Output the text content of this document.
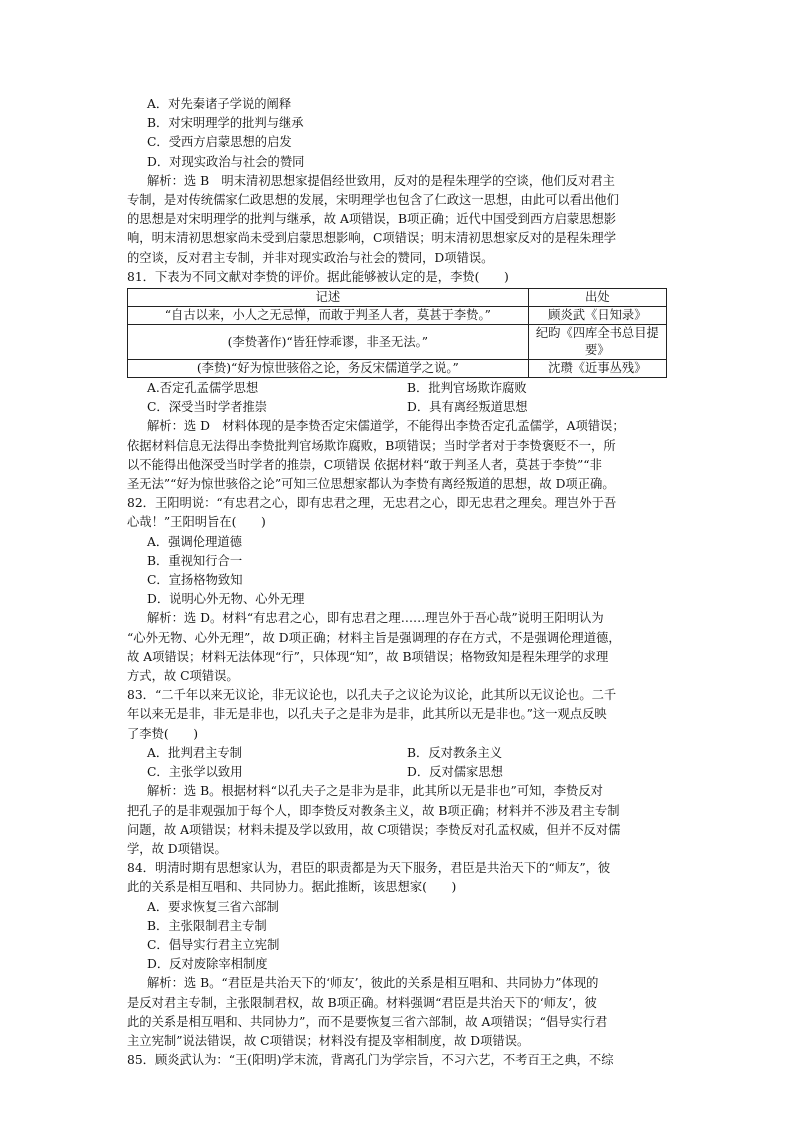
A．对先秦诸子学说的阐释
B．对宋明理学的批判与继承
C．受西方启蒙思想的启发
D．对现实政治与社会的赞同
解析：选 B　明末清初思想家提倡经世致用，反对的是程朱理学的空谈，他们反对君主
专制，是对传统儒家仁政思想的发展，宋明理学也包含了仁政这一思想，由此可以看出他们
的思想是对宋明理学的批判与继承，故 A项错误，B项正确；近代中国受到西方启蒙思想影
响，明末清初思想家尚未受到启蒙思想影响，C项错误；明末清初思想家反对的是程朱理学
的空谈，反对君主专制，并非对现实政治与社会的赞同，D项错误。
81．下表为不同文献对李贽的评价。据此能够被认定的是，李贽(　　)
记述	出处
“自古以来，小人之无忌惮，而敢于判圣人者，莫甚于李贽。”	顾炎武《日知录》
(李贽著作)“皆狂悖乖谬，非圣无法。”	纪昀《四库全书总目提要》
(李贽)“好为惊世骇俗之论，务反宋儒道学之说。”	沈瓒《近事丛残》
A.否定孔孟儒学思想	B．批判官场欺诈腐败
C．深受当时学者推崇	D．具有离经叛道思想
解析：选 D　材料体现的是李贽否定宋儒道学，不能得出李贽否定孔孟儒学，A项错误；
依据材料信息无法得出李贽批判官场欺诈腐败，B项错误；当时学者对于李贽褒贬不一，所
以不能得出他深受当时学者的推崇，C项错误 依据材料“敢于判圣人者，莫甚于李贽”“非
圣无法”“好为惊世骇俗之论”可知三位思想家都认为李贽有离经叛道的思想，故 D项正确。
82．王阳明说：“有忠君之心，即有忠君之理，无忠君之心，即无忠君之理矣。理岂外于吾
心哉！”王阳明旨在(　　)
A．强调伦理道德
B．重视知行合一
C．宣扬格物致知
D．说明心外无物、心外无理
解析：选 D。材料“有忠君之心，即有忠君之理……理岂外于吾心哉”说明王阳明认为
“心外无物、心外无理”，故 D项正确；材料主旨是强调理的存在方式，不是强调伦理道德，
故 A项错误；材料无法体现“行”，只体现“知”，故 B项错误；格物致知是程朱理学的求理
方式，故 C项错误。
83．“二千年以来无议论，非无议论也，以孔夫子之议论为议论，此其所以无议论也。二千
年以来无是非，非无是非也，以孔夫子之是非为是非，此其所以无是非也。”这一观点反映
了李贽(　　)
A．批判君主专制	B．反对教条主义
C．主张学以致用	D．反对儒家思想
解析：选 B。根据材料“以孔夫子之是非为是非，此其所以无是非也”可知，李贽反对
把孔子的是非观强加于每个人，即李贽反对教条主义，故 B项正确；材料并不涉及君主专制
问题，故 A项错误；材料未提及学以致用，故 C项错误；李贽反对孔孟权威，但并不反对儒
学，故 D项错误。
84．明清时期有思想家认为，君臣的职责都是为天下服务，君臣是共治天下的“师友”，彼
此的关系是相互唱和、共同协力。据此推断，该思想家(　　)
A．要求恢复三省六部制
B．主张限制君主专制
C．倡导实行君主立宪制
D．反对废除宰相制度
解析：选 B。“君臣是共治天下的‘师友’，彼此的关系是相互唱和、共同协力”体现的
是反对君主专制，主张限制君权，故 B项正确。材料强调“君臣是共治天下的‘师友’，彼
此的关系是相互唱和、共同协力”，而不是要恢复三省六部制，故 A项错误；“倡导实行君
主立宪制”说法错误，故 C项错误；材料没有提及宰相制度，故 D项错误。
85．顾炎武认为：“王(阳明)学末流，背离孔门为学宗旨，不习六艺，不考百王之典，不综
